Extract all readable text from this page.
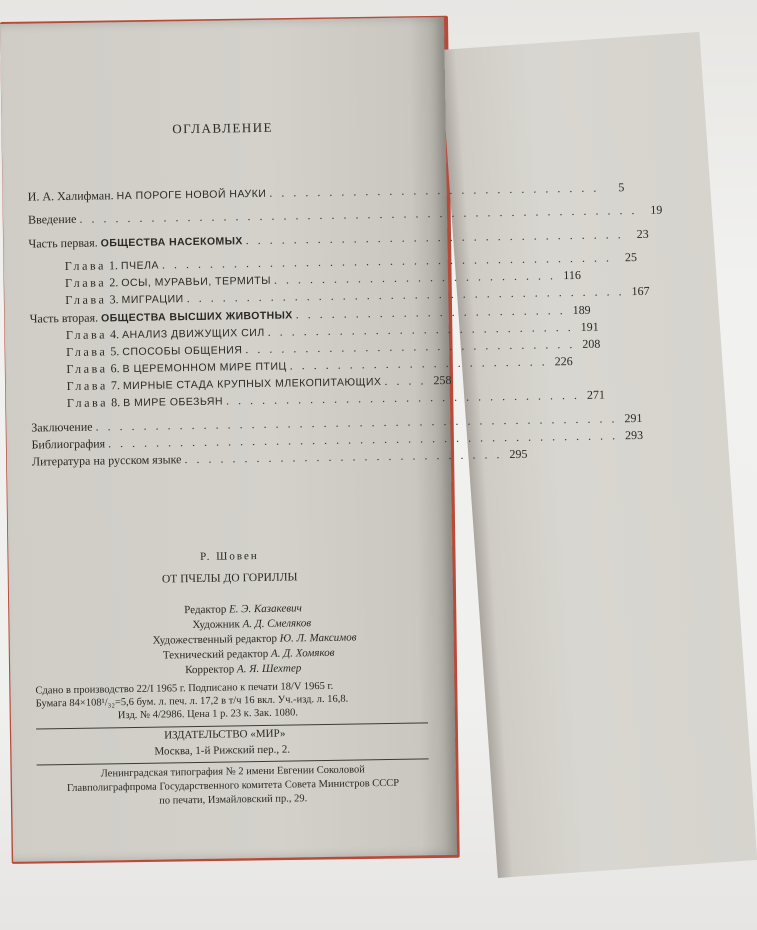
ОГЛАВЛЕНИЕ
И. А. Халифман. НА ПОРОГЕ НОВОЙ НАУКИ . . . . . . . . . . . . . . . . . . . . . . . . . . . .	5
Введение . . . . . . . . . . . . . . . . . . . . . . . . . . . . . . . . . . . . . . . . . . . . . . .	19
Часть первая. ОБЩЕСТВА НАСЕКОМЫХ . . . . . . . . . . . . . . . . . . . . . . . . . . . . . . . .	23
Глава 1. ПЧЕЛА . . . . . . . . . . . . . . . . . . . . . . . . . . . . . . . . . . . . . .	25
Глава 2. ОСЫ, МУРАВЬИ, ТЕРМИТЫ . . . . . . . . . . . . . . . . . . . . . . . . 116
Глава 3. МИГРАЦИИ . . . . . . . . . . . . . . . . . . . . . . . . . . . . . . . . . . . . . 167
Часть вторая. ОБЩЕСТВА ВЫСШИХ ЖИВОТНЫХ . . . . . . . . . . . . . . . . . . . . . . . 189
Глава 4. АНАЛИЗ ДВИЖУЩИХ СИЛ . . . . . . . . . . . . . . . . . . . . . . . . . . 191
Глава 5. СПОСОБЫ ОБЩЕНИЯ . . . . . . . . . . . . . . . . . . . . . . . . . . . . 208
Глава 6. В ЦЕРЕМОННОМ МИРЕ ПТИЦ . . . . . . . . . . . . . . . . . . . . . . 226
Глава 7. МИРНЫЕ СТАДА КРУПНЫХ МЛЕКОПИТАЮЩИХ . . . . 258
Глава 8. В МИРЕ ОБЕЗЬЯН . . . . . . . . . . . . . . . . . . . . . . . . . . . . . . 271
Заключение . . . . . . . . . . . . . . . . . . . . . . . . . . . . . . . . . . . . . . . . . . . . 291
Библиография . . . . . . . . . . . . . . . . . . . . . . . . . . . . . . . . . . . . . . . . . . . 293
Литература на русском языке . . . . . . . . . . . . . . . . . . . . . . . . . . . 295
Р. Шовен
ОТ ПЧЕЛЫ ДО ГОРИЛЛЫ
Редактор Е. Э. Казакевич
Художник А. Д. Смеляков
Художественный редактор Ю. Л. Максимов
Технический редактор А. Д. Хомяков
Корректор А. Я. Шехтер
Сдано в производство 22/I 1965 г. Подписано к печати 18/V 1965 г.
Бумага 84×108¹/₃₂=5,6 бум. л. печ. л. 17,2 в т/ч 16 вкл. Уч.-изд. л. 16,8.
Изд. № 4/2986. Цена 1 р. 23 к. Зак. 1080.
ИЗДАТЕЛЬСТВО «МИР»
Москва, 1-й Рижский пер., 2.
Ленинградская типография № 2 имени Евгении Соколовой
Главполиграфпрома Государственного комитета Совета Министров СССР
по печати, Измайловский пр., 29.
